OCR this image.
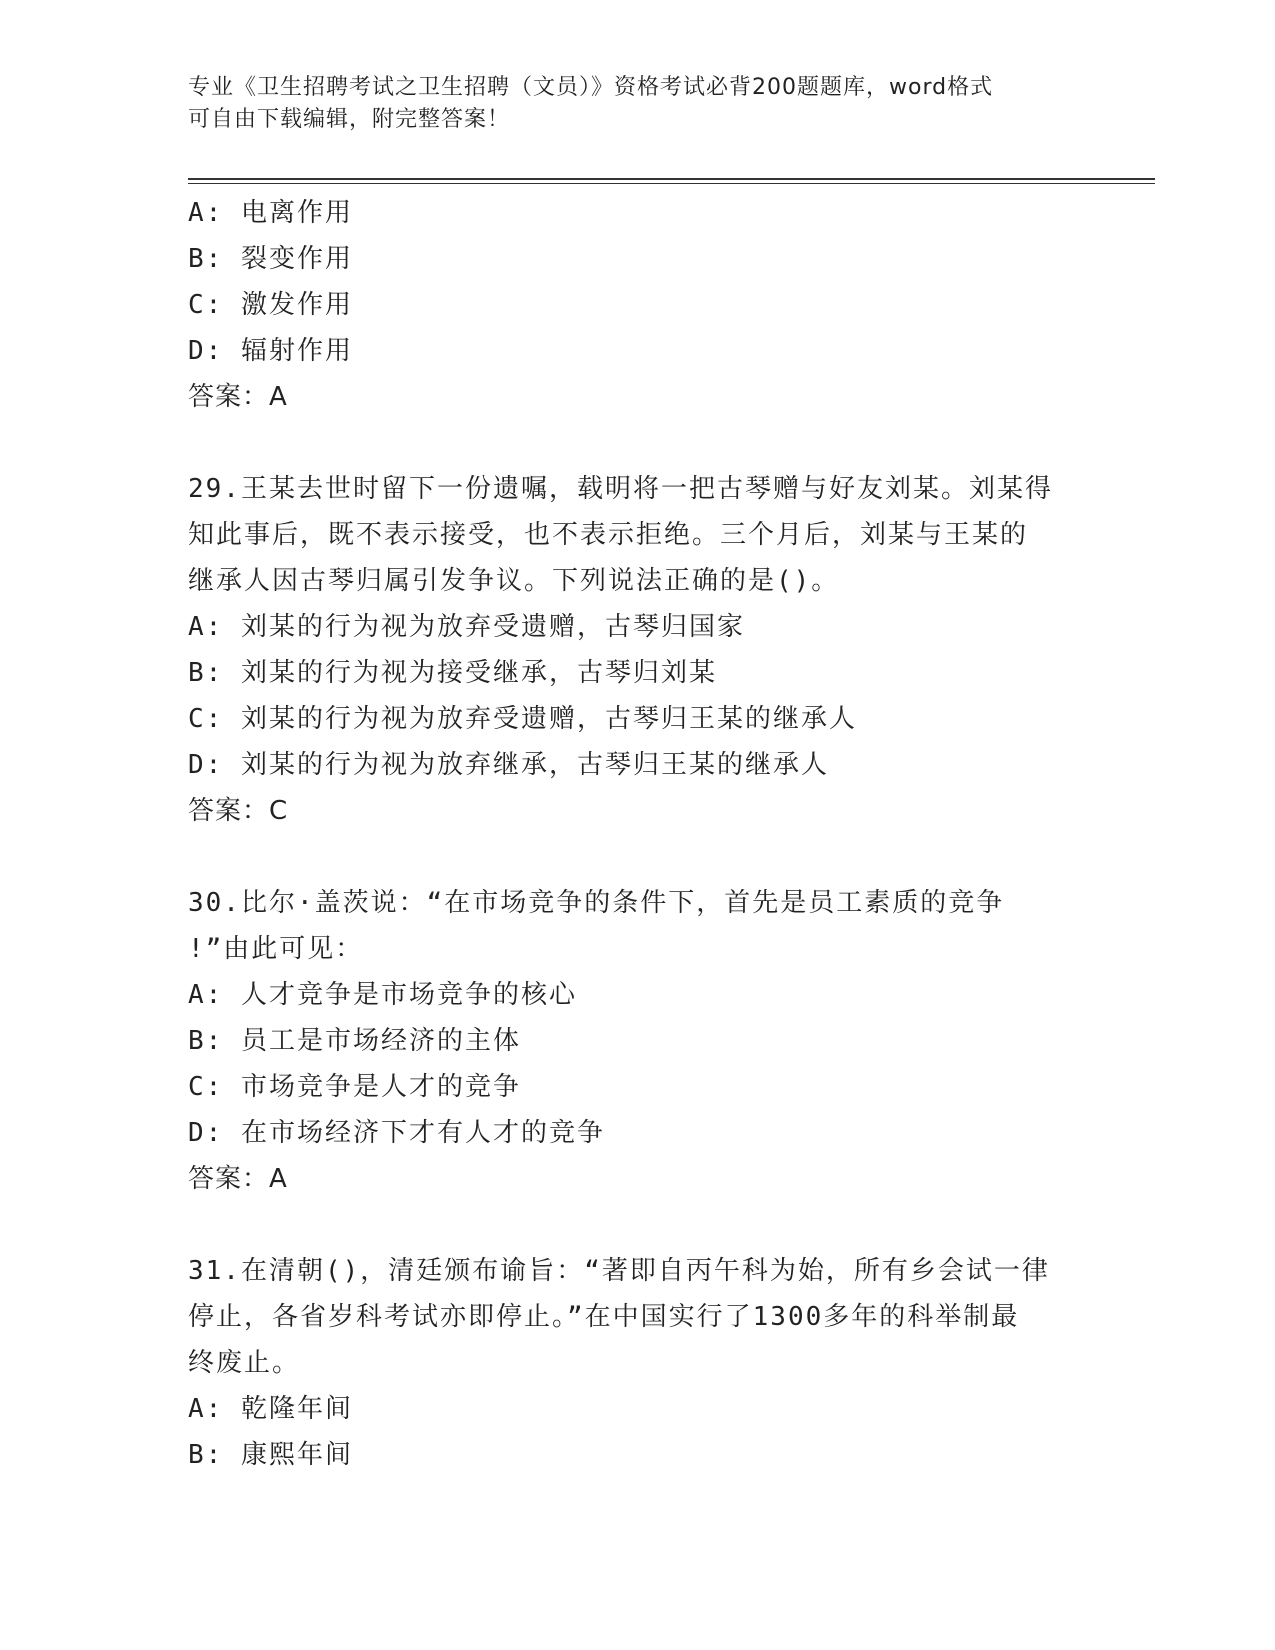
专业《卫生招聘考试之卫生招聘（文员）》资格考试必背200题题库，word格式
可自由下载编辑，附完整答案！
A: 电离作用
B: 裂变作用
C: 激发作用
D: 辐射作用
答案：A
29.王某去世时留下一份遗嘱，载明将一把古琴赠与好友刘某。刘某得
知此事后，既不表示接受，也不表示拒绝。三个月后，刘某与王某的
继承人因古琴归属引发争议。下列说法正确的是()。
A: 刘某的行为视为放弃受遗赠，古琴归国家
B: 刘某的行为视为接受继承，古琴归刘某
C: 刘某的行为视为放弃受遗赠，古琴归王某的继承人
D: 刘某的行为视为放弃继承，古琴归王某的继承人
答案：C
30.比尔·盖茨说：“在市场竞争的条件下，首先是员工素质的竞争
!”由此可见：
A: 人才竞争是市场竞争的核心
B: 员工是市场经济的主体
C: 市场竞争是人才的竞争
D: 在市场经济下才有人才的竞争
答案：A
31.在清朝()，清廷颁布谕旨：“著即自丙午科为始，所有乡会试一律
停止，各省岁科考试亦即停止。”在中国实行了1300多年的科举制最
终废止。
A: 乾隆年间
B: 康熙年间
